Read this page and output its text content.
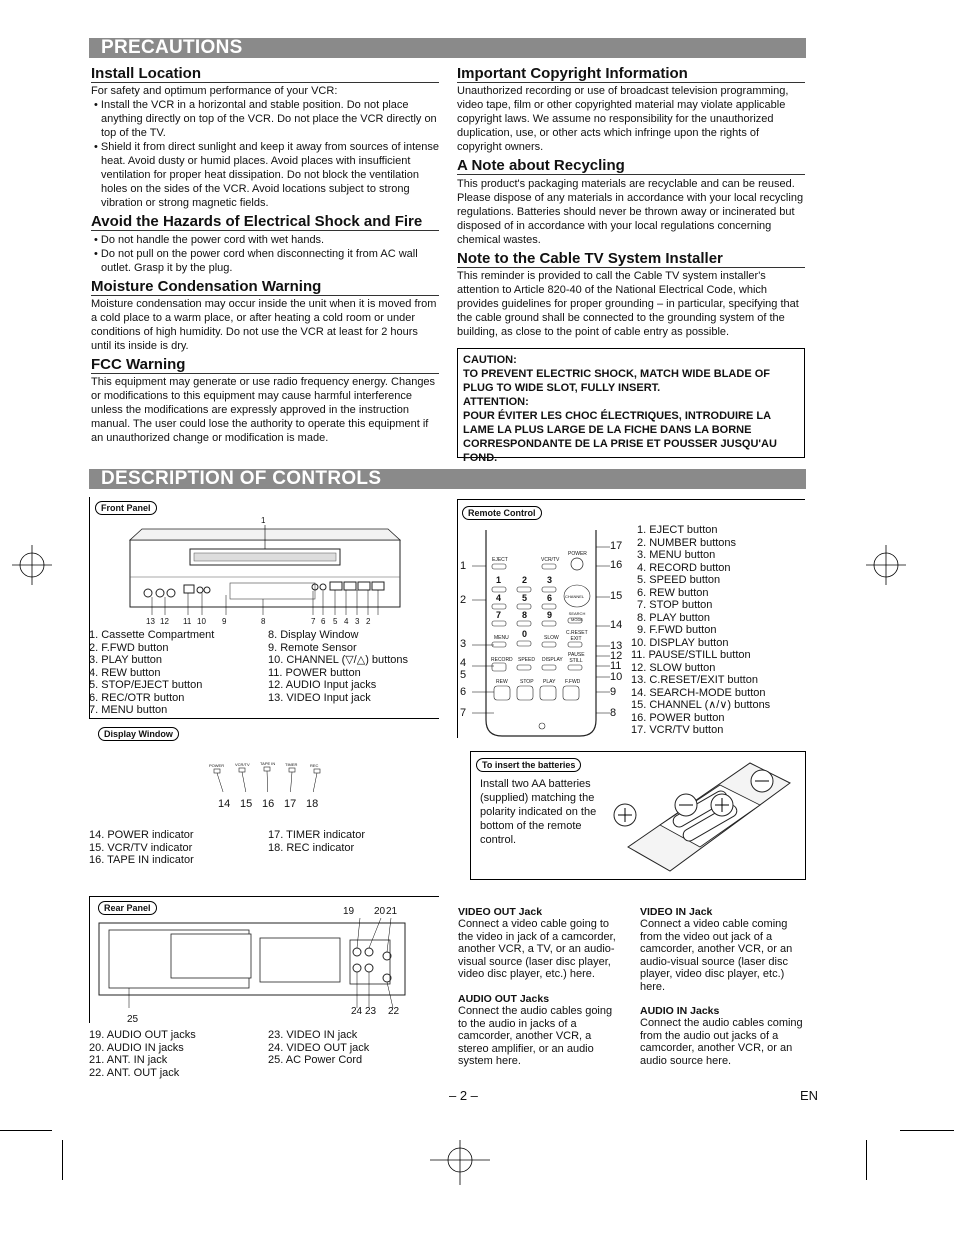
PRECAUTIONS
Install Location

For safety and optimum performance of your VCR:

• Install the VCR in a horizontal and stable position. Do not place anything directly on top of the VCR. Do not place the VCR directly on top of the TV.

• Shield it from direct sunlight and keep it away from sources of intense heat. Avoid dusty or humid places. Avoid places with insufficient ventilation for proper heat dissipation. Do not block the ventilation holes on the sides of the VCR. Avoid locations subject to strong vibration or strong magnetic fields.

Avoid the Hazards of Electrical Shock and Fire

• Do not handle the power cord with wet hands.

• Do not pull on the power cord when disconnecting it from AC wall outlet. Grasp it by the plug.

Moisture Condensation Warning
Moisture condensation may occur inside the unit when it is moved from a cold place to a warm place, or after heating a cold room or under conditions of high humidity. Do not use the VCR at least for 2 hours until its inside is dry.
FCC Warning
This equipment may generate or use radio frequency energy. Changes or modifications to this equipment may cause harmful interference unless the modifications are expressly approved in the instruction manual. The user could lose the authority to operate this equipment if an unauthorized change or modification is made.
Important Copyright Information
Unauthorized recording or use of broadcast television programming, video tape, film or other copyrighted material may violate applicable copyright laws. We assume no responsibility for the unauthorized duplication, use, or other acts which infringe upon the rights of copyright owners.
A Note about Recycling
This product's packaging materials are recyclable and can be reused. Please dispose of any materials in accordance with your local recycling regulations. Batteries should never be thrown away or incinerated but disposed of in accordance with your local regulations concerning chemical wastes.
Note to the Cable TV System Installer
This reminder is provided to call the Cable TV system installer's attention to Article 820-40 of the National Electrical Code, which provides guidelines for proper grounding – in particular, specifying that the cable ground shall be connected to the grounding system of the building, as close to the point of cable entry as possible.
CAUTION:
TO PREVENT ELECTRIC SHOCK, MATCH WIDE BLADE OF PLUG TO WIDE SLOT, FULLY INSERT.
ATTENTION:
POUR ÉVITER LES CHOC ÉLECTRIQUES, INTRODUIRE LA LAME LA PLUS LARGE DE LA FICHE DANS LA BORNE CORRESPONDANTE DE LA PRISE ET POUSSER JUSQU'AU FOND.
DESCRIPTION OF CONTROLS
Front Panel
1
13 12 11 10 9	8	7 6 5 4 3 2
1. Cassette Compartment
2. F.FWD button
3. PLAY button
4. REW button
5. STOP/EJECT button
6. REC/OTR button
7. MENU button
8. Display Window
9. Remote Sensor
10. CHANNEL (▽/△) buttons
11. POWER button
12. AUDIO Input jacks
13. VIDEO Input jack
Display Window
POWER	VCR/TV	TAPE IN TIMER	REC
14 15 16 17 18
14. POWER indicator
15. VCR/TV indicator
16. TAPE IN indicator
17. TIMER indicator
18. REC indicator
Remote Control
EJECT	VCR/TV
POWER
CHANNEL
SEARCH MODE
MENU	SLOW
C.RESET EXIT
RECORD SPEED DISPLAY
PAUSE STILL
REW STOP PLAY F.FWD
1 2 3
4 5 6
7 8 9
0
1
2
3
4
5
6
7
17
16
15
14
13
12
11
10
9
8
1. EJECT button
2. NUMBER buttons
3. MENU button
4. RECORD button
5. SPEED button
6. REW button
7. STOP button
8. PLAY button
9. F.FWD button
10. DISPLAY button
11. PAUSE/STILL button
12. SLOW button
13. C.RESET/EXIT button
14. SEARCH-MODE button
15. CHANNEL (∧/∨) buttons
16. POWER button
17. VCR/TV button
To insert the batteries
Install two AA batteries (supplied) matching the polarity indicated on the bottom of the remote control.
Rear Panel	19 20 21
25
24 23 22
19. AUDIO OUT jacks
20. AUDIO IN jacks
21. ANT. IN jack
22. ANT. OUT jack
23. VIDEO IN jack
24. VIDEO OUT jack
25. AC Power Cord
VIDEO OUT Jack
Connect a video cable going to the video in jack of a camcorder, another VCR, a TV, or an audio-visual source (laser disc player, video disc player, etc.) here.
AUDIO OUT Jacks
Connect the audio cables going to the audio in jacks of a camcorder, another VCR, a stereo amplifier, or an audio system here.
VIDEO IN Jack
Connect a video cable coming from the video out jack of a camcorder, another VCR, or an audio-visual source (laser disc player, video disc player, etc.) here.
AUDIO IN Jacks
Connect the audio cables coming from the audio out jacks of a camcorder, another VCR, or an audio source here.
– 2 –	EN
